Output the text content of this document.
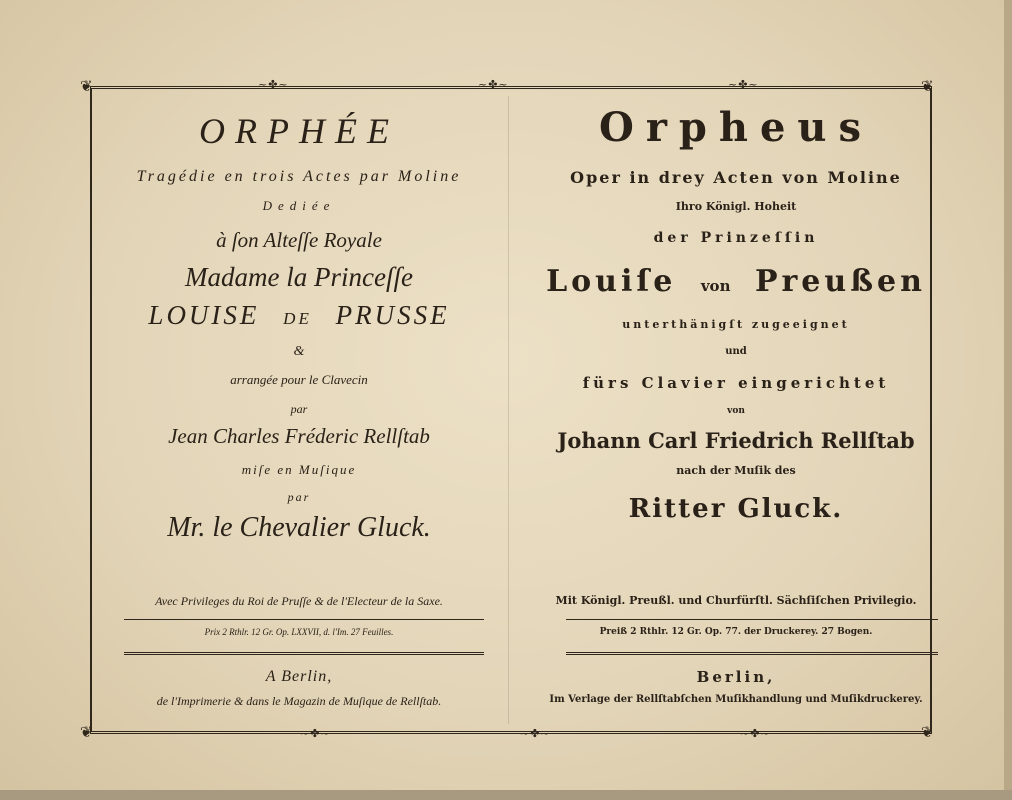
❦	❦
❦	❦
~✤~	~✤~	~✤~
~✤~	~✤~	~✤~
ORPHÉE
Tragédie en trois Actes par Moline
Dediée
à ſon Alteſſe Royale
Madame la Princeſſe
LOUISE DE PRUSSE
&
arrangée pour le Clavecin
par
Jean Charles Fréderic Rellſtab
miſe en Muſique
par
Mr. le Chevalier Gluck.
Avec Privileges du Roi de Pruſſe & de l'Electeur de la Saxe.
Prix 2 Rthlr. 12 Gr. Op. LXXVII, d. l'Im. 27 Feuilles.
A Berlin,
de l'Imprimerie & dans le Magazin de Muſique de Rellſtab.
Orpheus
Oper in drey Acten von Moline
Ihro Königl. Hoheit
der Prinzeſſin
Louiſe von Preußen
unterthänigſt zugeeignet
und
fürs Clavier eingerichtet
von
Johann Carl Friedrich Rellſtab
nach der Muſik des
Ritter Gluck.
Mit Königl. Preußl. und Churfürſtl. Sächſiſchen Privilegio.
Preiß 2 Rthlr. 12 Gr. Op. 77. der Druckerey. 27 Bogen.
Berlin,
Im Verlage der Rellſtabſchen Muſikhandlung und Muſikdruckerey.
